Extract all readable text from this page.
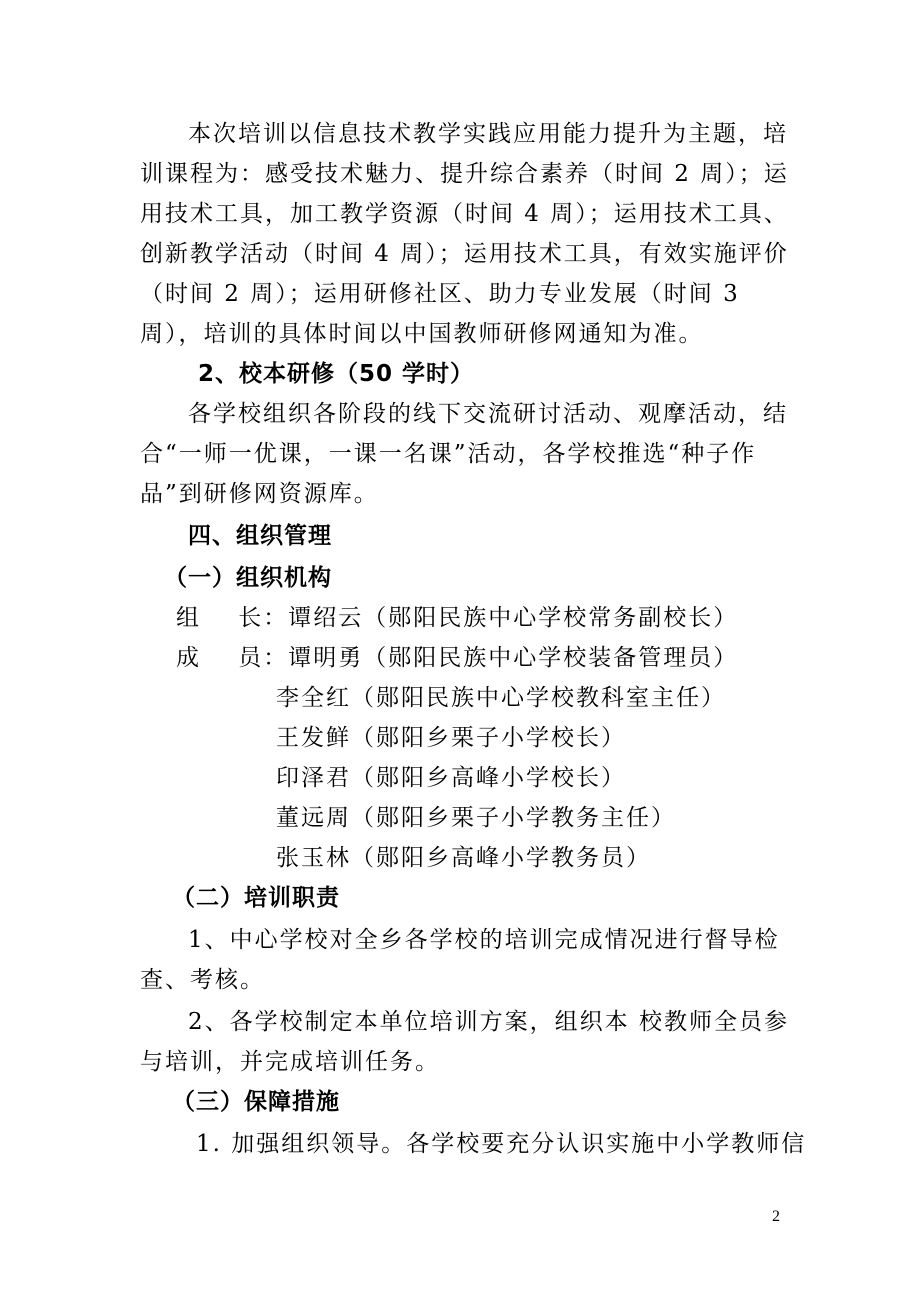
本次培训以信息技术教学实践应用能力提升为主题，培
训课程为：感受技术魅力、提升综合素养（时间 2 周）；运
用技术工具，加工教学资源（时间 4 周）；运用技术工具、
创新教学活动（时间 4 周）；运用技术工具，有效实施评价
（时间 2 周）；运用研修社区、助力专业发展（时间 3
周），培训的具体时间以中国教师研修网通知为准。
2、校本研修（50 学时）
各学校组织各阶段的线下交流研讨活动、观摩活动，结
合“一师一优课，一课一名课”活动，各学校推选“种子作
品”到研修网资源库。
四、组织管理
（一）组织机构
组    长：谭绍云（郧阳民族中心学校常务副校长）
成    员：谭明勇（郧阳民族中心学校装备管理员）
李全红（郧阳民族中心学校教科室主任）
王发鲜（郧阳乡栗子小学校长）
印泽君（郧阳乡高峰小学校长）
董远周（郧阳乡栗子小学教务主任）
张玉林（郧阳乡高峰小学教务员）
（二）培训职责
1、中心学校对全乡各学校的培训完成情况进行督导检
查、考核。
2、各学校制定本单位培训方案，组织本 校教师全员参
与培训，并完成培训任务。
（三）保障措施
1. 加强组织领导。各学校要充分认识实施中小学教师信
2
